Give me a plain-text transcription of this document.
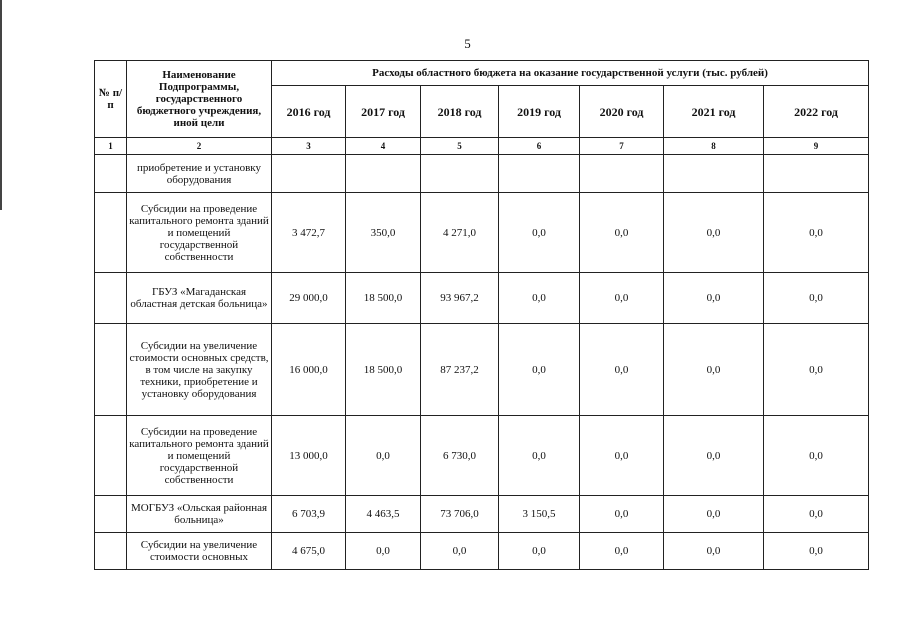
5
№ п/п	Наименование Подпрограммы, государственного бюджетного учреждения, иной цели	Расходы областного бюджета на оказание государственной услуги (тыс. рублей)						
		2016 год	2017 год	2018 год	2019 год	2020 год	2021 год	2022 год
1	2	3	4	5	6	7	8	9
	приобретение и установку оборудования							
	Субсидии на проведение капитального ремонта зданий и помещений государственной собственности	3 472,7	350,0	4 271,0	0,0	0,0	0,0	0,0
	ГБУЗ «Магаданская областная детская больница»	29 000,0	18 500,0	93 967,2	0,0	0,0	0,0	0,0
	Субсидии на увеличение стоимости основных средств, в том числе на закупку техники, приобретение и установку оборудования	16 000,0	18 500,0	87 237,2	0,0	0,0	0,0	0,0
	Субсидии на проведение капитального ремонта зданий и помещений государственной собственности	13 000,0	0,0	6 730,0	0,0	0,0	0,0	0,0
	МОГБУЗ «Ольская районная больница»	6 703,9	4 463,5	73 706,0	3 150,5	0,0	0,0	0,0
	Субсидии на увеличение стоимости основных	4 675,0	0,0	0,0	0,0	0,0	0,0	0,0
